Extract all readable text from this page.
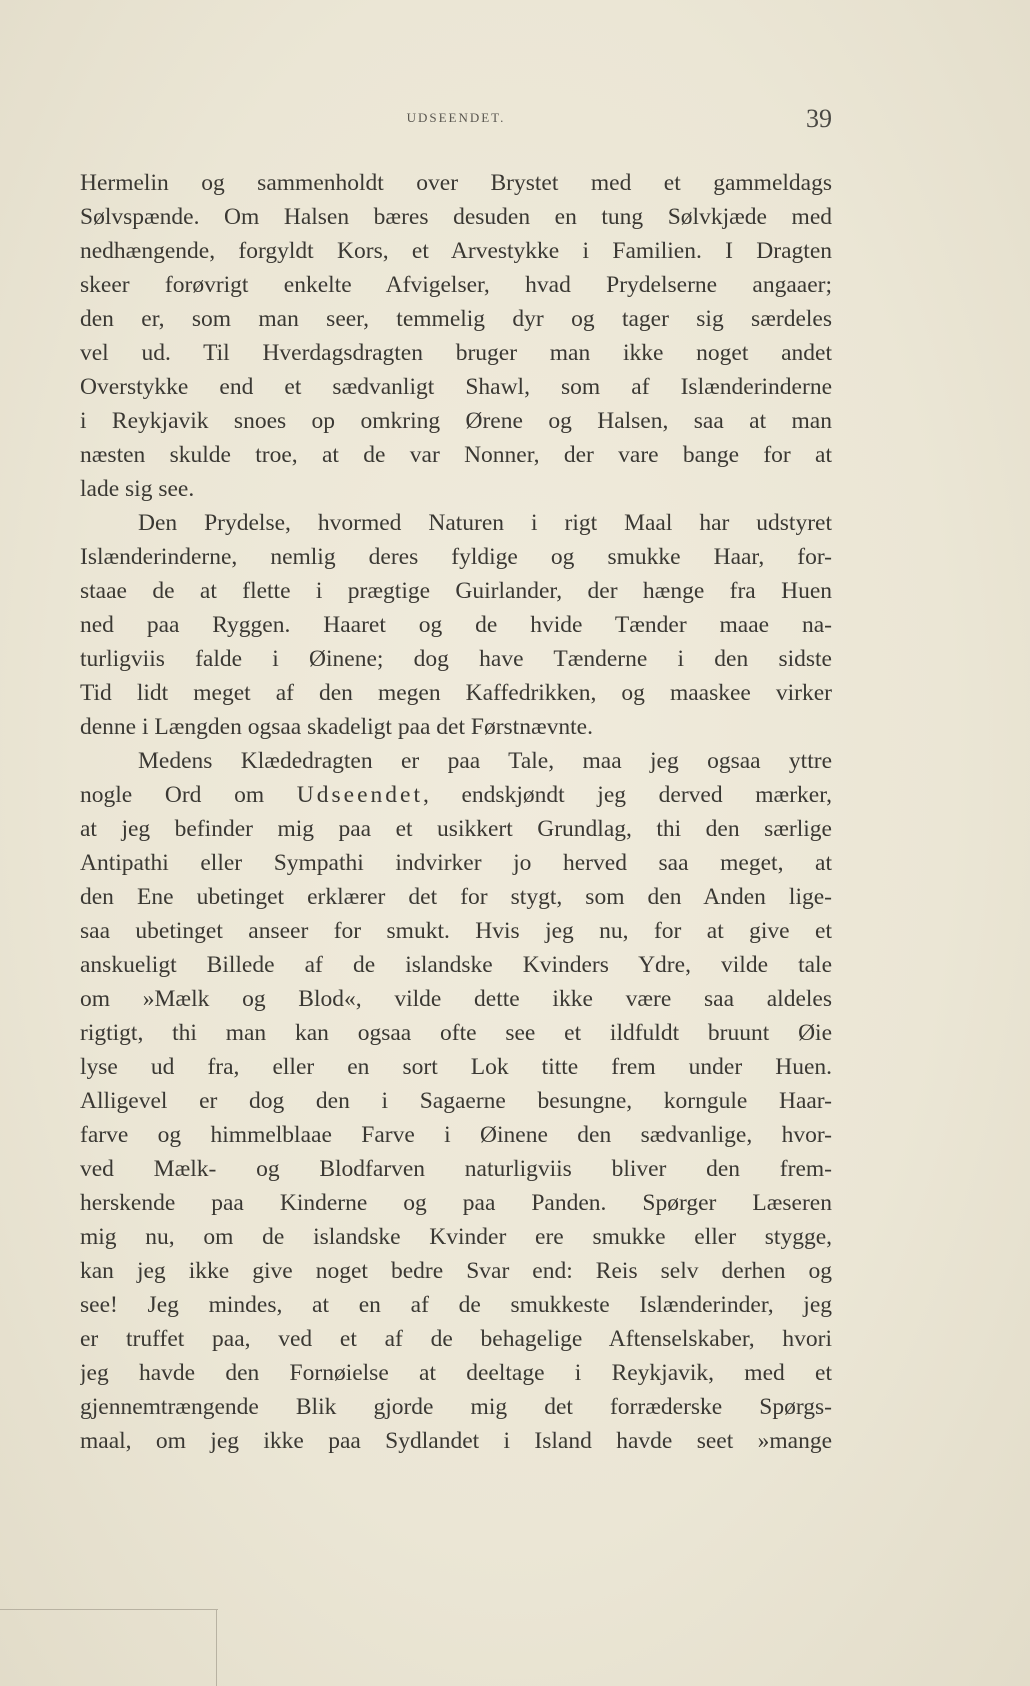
UDSEENDET.	39
Hermelin og sammenholdt over Brystet med et gammeldags
Sølvspænde. Om Halsen bæres desuden en tung Sølvkjæde med
nedhængende, forgyldt Kors, et Arvestykke i Familien. I Dragten
skeer forøvrigt enkelte Afvigelser, hvad Prydelserne angaaer;
den er, som man seer, temmelig dyr og tager sig særdeles
vel ud. Til Hverdagsdragten bruger man ikke noget andet
Overstykke end et sædvanligt Shawl, som af Islænderinderne
i Reykjavik snoes op omkring Ørene og Halsen, saa at man
næsten skulde troe, at de var Nonner, der vare bange for at
lade sig see.
Den Prydelse, hvormed Naturen i rigt Maal har udstyret
Islænderinderne, nemlig deres fyldige og smukke Haar, for-
staae de at flette i prægtige Guirlander, der hænge fra Huen
ned paa Ryggen. Haaret og de hvide Tænder maae na-
turligviis falde i Øinene; dog have Tænderne i den sidste
Tid lidt meget af den megen Kaffedrikken, og maaskee virker
denne i Længden ogsaa skadeligt paa det Førstnævnte.
Medens Klædedragten er paa Tale, maa jeg ogsaa yttre
nogle Ord om Udseendet, endskjøndt jeg derved mærker,
at jeg befinder mig paa et usikkert Grundlag, thi den særlige
Antipathi eller Sympathi indvirker jo herved saa meget, at
den Ene ubetinget erklærer det for stygt, som den Anden lige-
saa ubetinget anseer for smukt. Hvis jeg nu, for at give et
anskueligt Billede af de islandske Kvinders Ydre, vilde tale
om »Mælk og Blod«, vilde dette ikke være saa aldeles
rigtigt, thi man kan ogsaa ofte see et ildfuldt bruunt Øie
lyse ud fra, eller en sort Lok titte frem under Huen.
Alligevel er dog den i Sagaerne besungne, korngule Haar-
farve og himmelblaae Farve i Øinene den sædvanlige, hvor-
ved Mælk- og Blodfarven naturligviis bliver den frem-
herskende paa Kinderne og paa Panden. Spørger Læseren
mig nu, om de islandske Kvinder ere smukke eller stygge,
kan jeg ikke give noget bedre Svar end: Reis selv derhen og
see! Jeg mindes, at en af de smukkeste Islænderinder, jeg
er truffet paa, ved et af de behagelige Aftenselskaber, hvori
jeg havde den Fornøielse at deeltage i Reykjavik, med et
gjennemtrængende Blik gjorde mig det forræderske Spørgs-
maal, om jeg ikke paa Sydlandet i Island havde seet »mange
